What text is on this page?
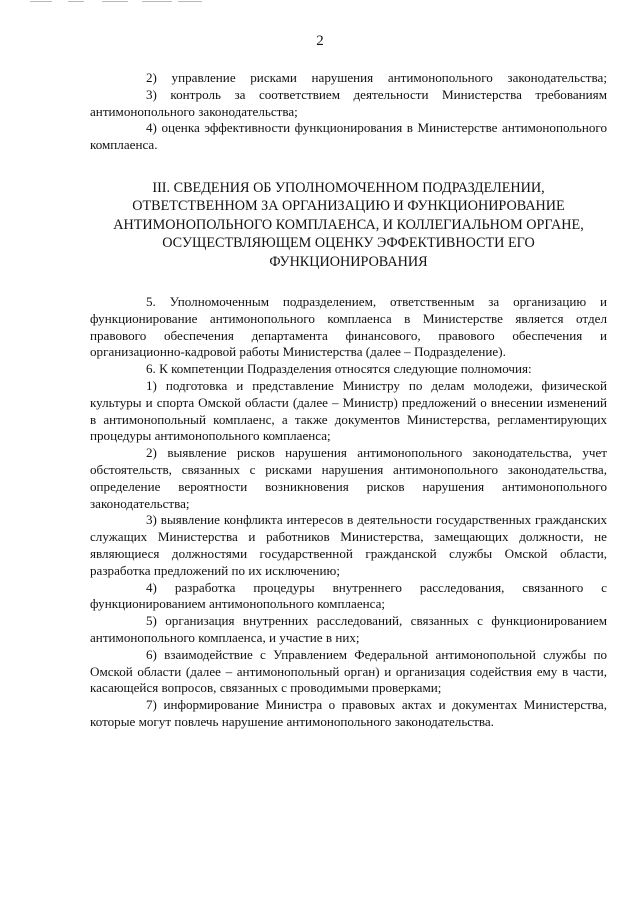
2

2) управление рисками нарушения антимонопольного законодательства;

3) контроль за соответствием деятельности Министерства требованиям антимонопольного законодательства;

4) оценка эффективности функционирования в Министерстве антимонопольного комплаенса.

III. СВЕДЕНИЯ ОБ УПОЛНОМОЧЕННОМ ПОДРАЗДЕЛЕНИИ, ОТВЕТСТВЕННОМ ЗА ОРГАНИЗАЦИЮ И ФУНКЦИОНИРОВАНИЕ АНТИМОНОПОЛЬНОГО КОМПЛАЕНСА, И КОЛЛЕГИАЛЬНОМ ОРГАНЕ, ОСУЩЕСТВЛЯЮЩЕМ ОЦЕНКУ ЭФФЕКТИВНОСТИ ЕГО ФУНКЦИОНИРОВАНИЯ

5. Уполномоченным подразделением, ответственным за организацию и функционирование антимонопольного комплаенса в Министерстве является отдел правового обеспечения департамента финансового, правового обеспечения и организационно-кадровой работы Министерства (далее – Подразделение).

6. К компетенции Подразделения относятся следующие полномочия:

1) подготовка и представление Министру по делам молодежи, физической культуры и спорта Омской области (далее – Министр) предложений о внесении изменений в антимонопольный комплаенс, а также документов Министерства, регламентирующих процедуры антимонопольного комплаенса;

2) выявление рисков нарушения антимонопольного законодательства, учет обстоятельств, связанных с рисками нарушения антимонопольного законодательства, определение вероятности возникновения рисков нарушения антимонопольного законодательства;

3) выявление конфликта интересов в деятельности государственных гражданских служащих Министерства и работников Министерства, замещающих должности, не являющиеся должностями государственной гражданской службы Омской области, разработка предложений по их исключению;

4) разработка процедуры внутреннего расследования, связанного с функционированием антимонопольного комплаенса;

5) организация внутренних расследований, связанных с функционированием антимонопольного комплаенса, и участие в них;

6) взаимодействие с Управлением Федеральной антимонопольной службы по Омской области (далее – антимонопольный орган) и организация содействия ему в части, касающейся вопросов, связанных с проводимыми проверками;

7) информирование Министра о правовых актах и документах Министерства, которые могут повлечь нарушение антимонопольного законодательства.
